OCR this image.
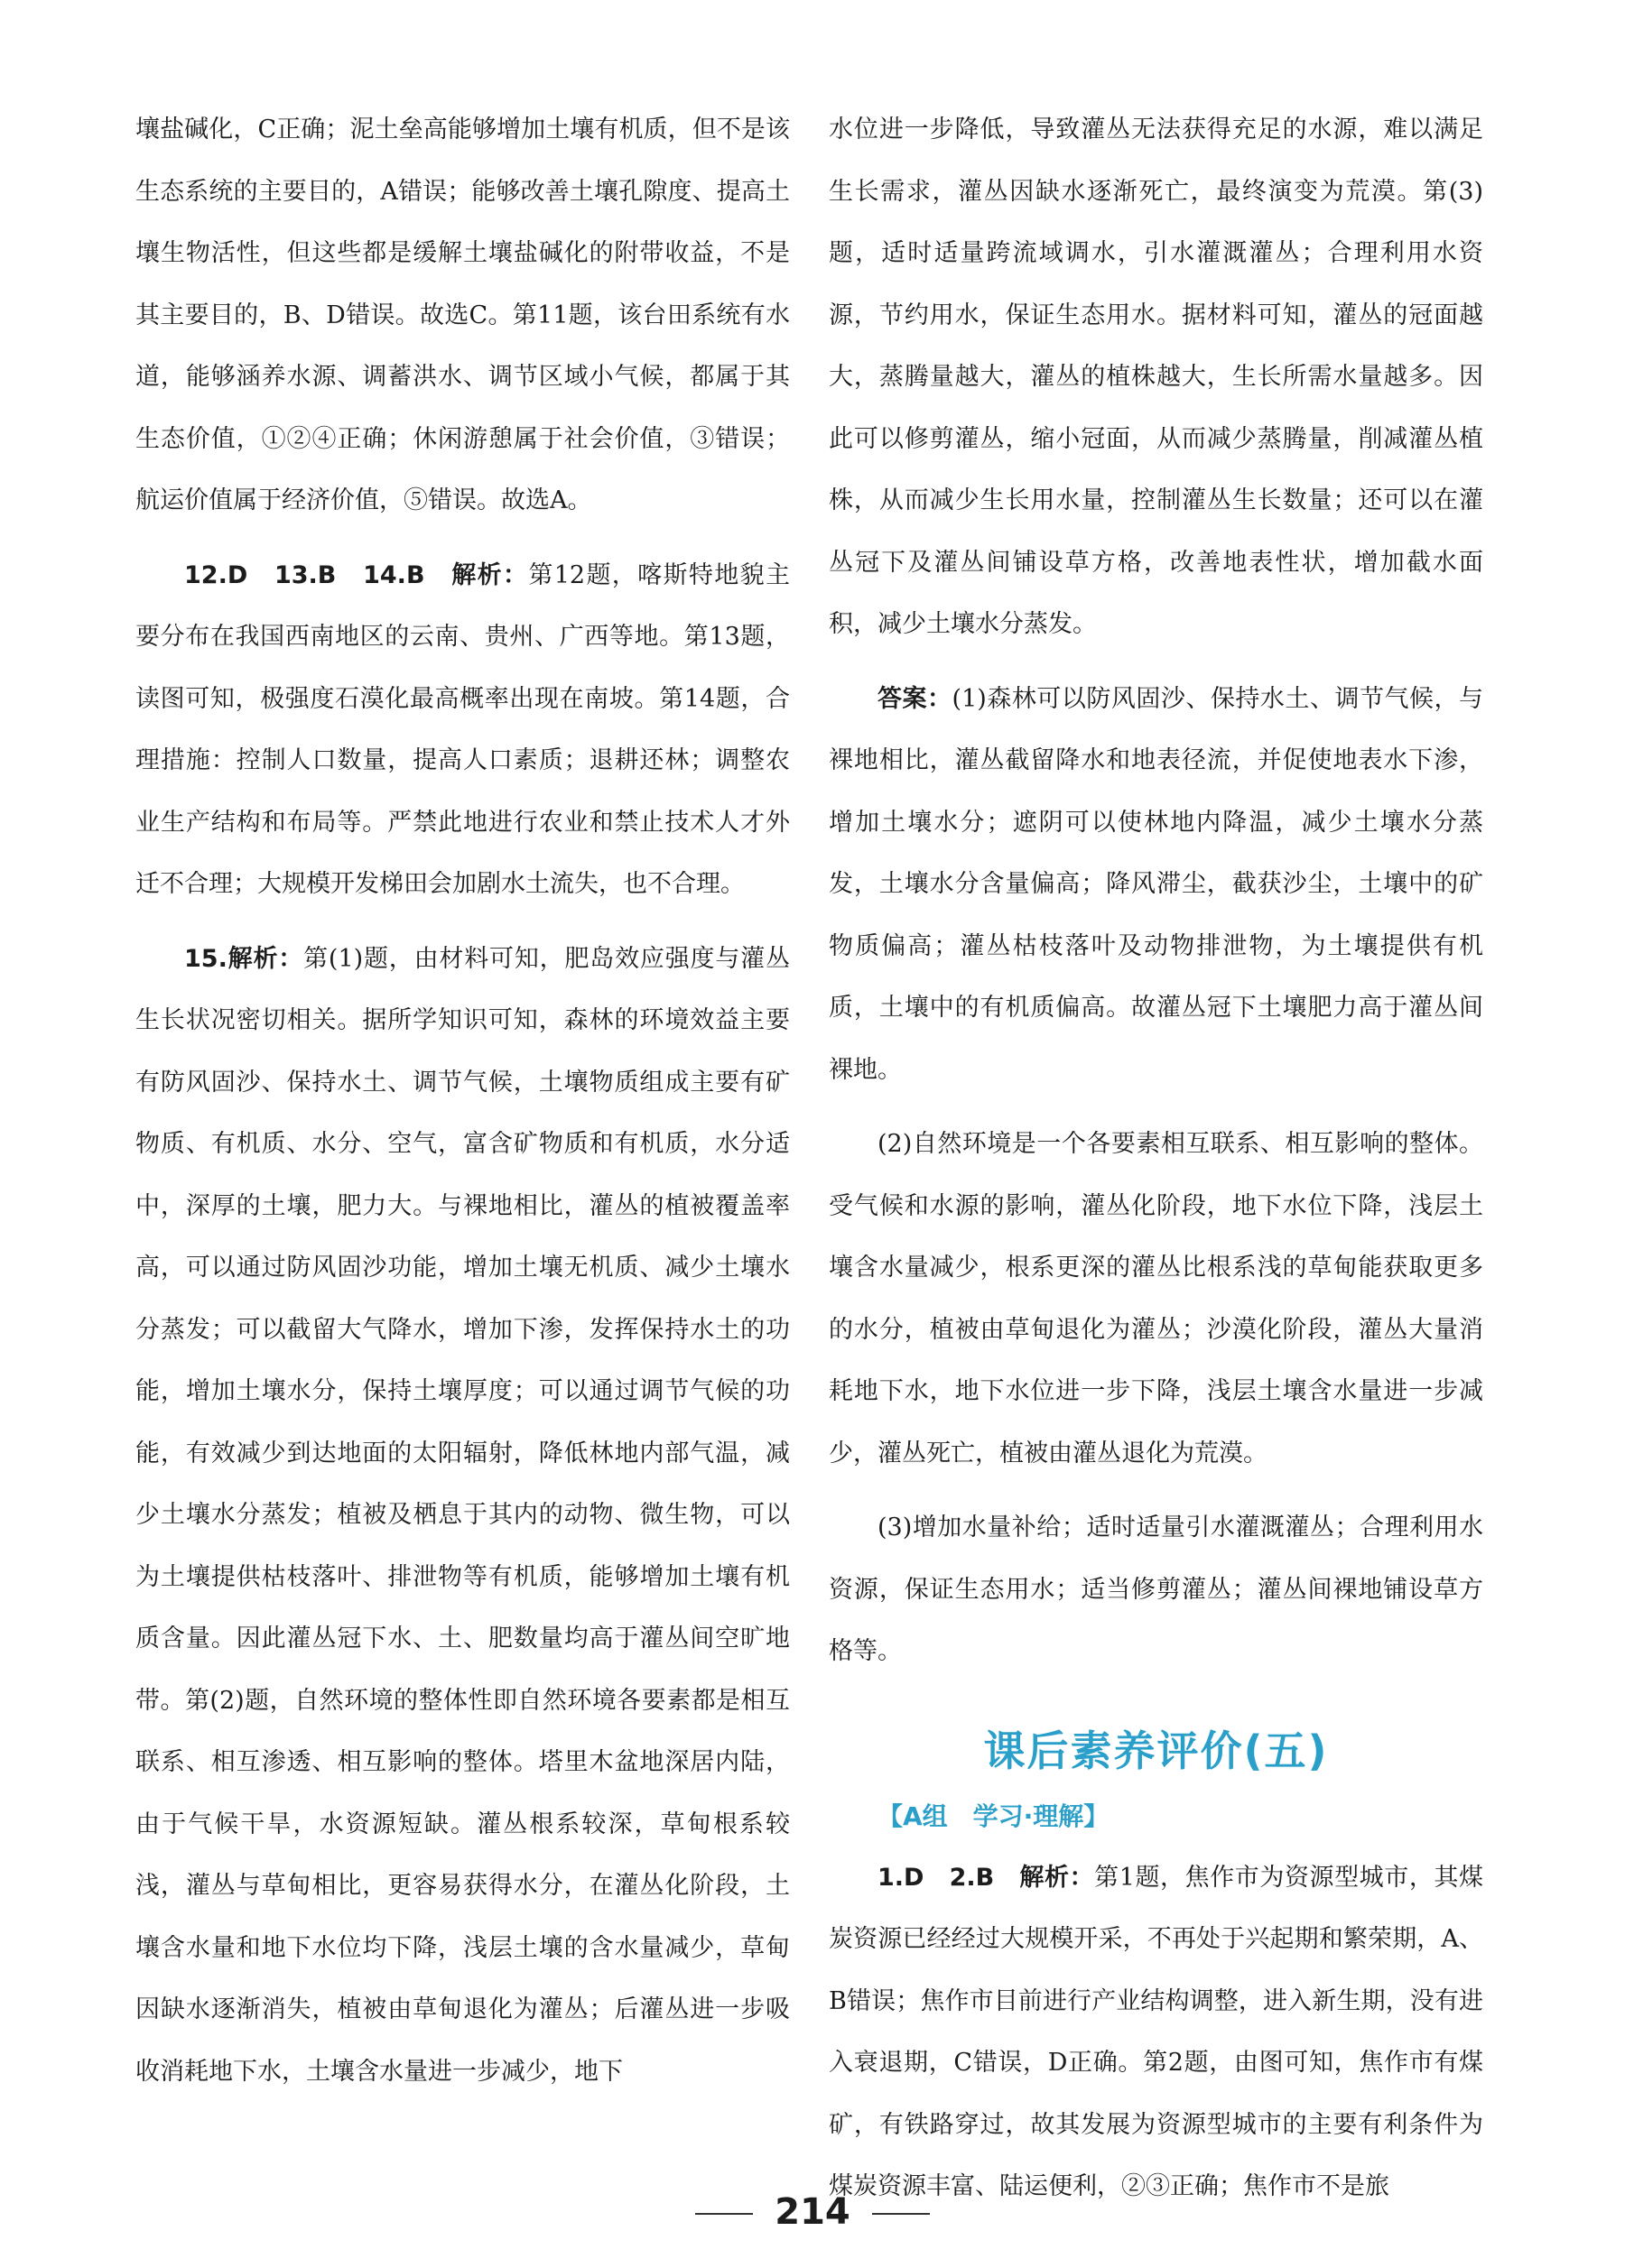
壤盐碱化，C正确；泥土垒高能够增加土壤有机质，但不是该生态系统的主要目的，A错误；能够改善土壤孔隙度、提高土壤生物活性，但这些都是缓解土壤盐碱化的附带收益，不是其主要目的，B、D错误。故选C。第11题，该台田系统有水道，能够涵养水源、调蓄洪水、调节区域小气候，都属于其生态价值，①②④正确；休闲游憩属于社会价值，③错误；航运价值属于经济价值，⑤错误。故选A。

12.D　13.B　14.B　解析：第12题，喀斯特地貌主要分布在我国西南地区的云南、贵州、广西等地。第13题，读图可知，极强度石漠化最高概率出现在南坡。第14题，合理措施：控制人口数量，提高人口素质；退耕还林；调整农业生产结构和布局等。严禁此地进行农业和禁止技术人才外迁不合理；大规模开发梯田会加剧水土流失，也不合理。

15.解析：第(1)题，由材料可知，肥岛效应强度与灌丛生长状况密切相关。据所学知识可知，森林的环境效益主要有防风固沙、保持水土、调节气候，土壤物质组成主要有矿物质、有机质、水分、空气，富含矿物质和有机质，水分适中，深厚的土壤，肥力大。与裸地相比，灌丛的植被覆盖率高，可以通过防风固沙功能，增加土壤无机质、减少土壤水分蒸发；可以截留大气降水，增加下渗，发挥保持水土的功能，增加土壤水分，保持土壤厚度；可以通过调节气候的功能，有效减少到达地面的太阳辐射，降低林地内部气温，减少土壤水分蒸发；植被及栖息于其内的动物、微生物，可以为土壤提供枯枝落叶、排泄物等有机质，能够增加土壤有机质含量。因此灌丛冠下水、土、肥数量均高于灌丛间空旷地带。第(2)题，自然环境的整体性即自然环境各要素都是相互联系、相互渗透、相互影响的整体。塔里木盆地深居内陆，由于气候干旱，水资源短缺。灌丛根系较深，草甸根系较浅，灌丛与草甸相比，更容易获得水分，在灌丛化阶段，土壤含水量和地下水位均下降，浅层土壤的含水量减少，草甸因缺水逐渐消失，植被由草甸退化为灌丛；后灌丛进一步吸收消耗地下水，土壤含水量进一步减少，地下

水位进一步降低，导致灌丛无法获得充足的水源，难以满足生长需求，灌丛因缺水逐渐死亡，最终演变为荒漠。第(3)题，适时适量跨流域调水，引水灌溉灌丛；合理利用水资源，节约用水，保证生态用水。据材料可知，灌丛的冠面越大，蒸腾量越大，灌丛的植株越大，生长所需水量越多。因此可以修剪灌丛，缩小冠面，从而减少蒸腾量，削减灌丛植株，从而减少生长用水量，控制灌丛生长数量；还可以在灌丛冠下及灌丛间铺设草方格，改善地表性状，增加截水面积，减少土壤水分蒸发。

答案：(1)森林可以防风固沙、保持水土、调节气候，与裸地相比，灌丛截留降水和地表径流，并促使地表水下渗，增加土壤水分；遮阴可以使林地内降温，减少土壤水分蒸发，土壤水分含量偏高；降风滞尘，截获沙尘，土壤中的矿物质偏高；灌丛枯枝落叶及动物排泄物，为土壤提供有机质，土壤中的有机质偏高。故灌丛冠下土壤肥力高于灌丛间裸地。

(2)自然环境是一个各要素相互联系、相互影响的整体。受气候和水源的影响，灌丛化阶段，地下水位下降，浅层土壤含水量减少，根系更深的灌丛比根系浅的草甸能获取更多的水分，植被由草甸退化为灌丛；沙漠化阶段，灌丛大量消耗地下水，地下水位进一步下降，浅层土壤含水量进一步减少，灌丛死亡，植被由灌丛退化为荒漠。

(3)增加水量补给；适时适量引水灌溉灌丛；合理利用水资源，保证生态用水；适当修剪灌丛；灌丛间裸地铺设草方格等。

课后素养评价(五)
【A组　学习·理解】

1.D　2.B　解析：第1题，焦作市为资源型城市，其煤炭资源已经经过大规模开采，不再处于兴起期和繁荣期，A、B错误；焦作市目前进行产业结构调整，进入新生期，没有进入衰退期，C错误，D正确。第2题，由图可知，焦作市有煤矿，有铁路穿过，故其发展为资源型城市的主要有利条件为煤炭资源丰富、陆运便利，②③正确；焦作市不是旅

214
